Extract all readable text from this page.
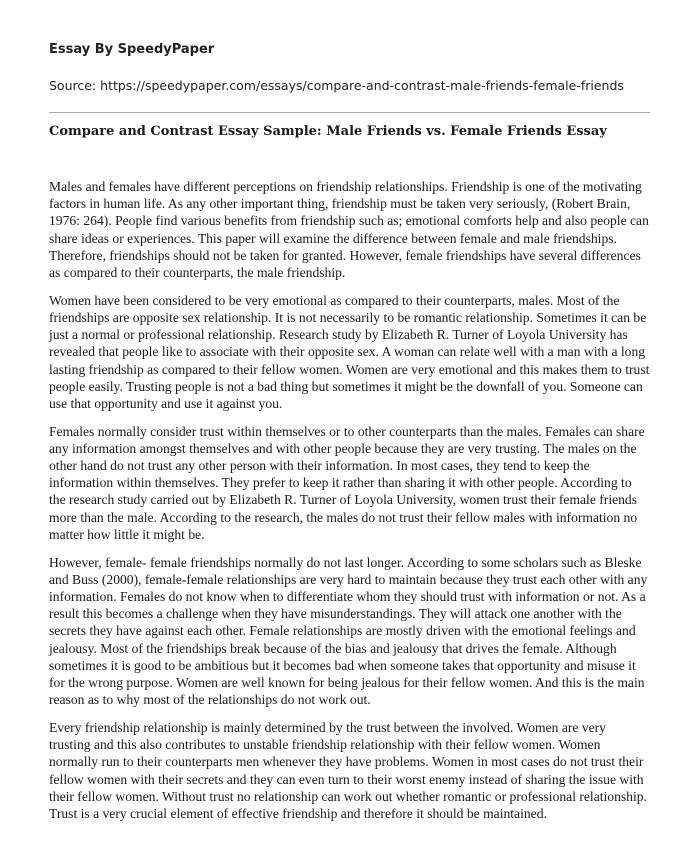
Essay By SpeedyPaper

Source: https://speedypaper.com/essays/compare-and-contrast-male-friends-female-friends

Compare and Contrast Essay Sample: Male Friends vs. Female Friends Essay

Males and females have different perceptions on friendship relationships. Friendship is one of the motivating factors in human life. As any other important thing, friendship must be taken very seriously, (Robert Brain, 1976: 264). People find various benefits from friendship such as; emotional comforts help and also people can share ideas or experiences. This paper will examine the difference between female and male friendships. Therefore, friendships should not be taken for granted. However, female friendships have several differences as compared to their counterparts, the male friendship.

Women have been considered to be very emotional as compared to their counterparts, males. Most of the friendships are opposite sex relationship. It is not necessarily to be romantic relationship. Sometimes it can be just a normal or professional relationship. Research study by Elizabeth R. Turner of Loyola University has revealed that people like to associate with their opposite sex. A woman can relate well with a man with a long lasting friendship as compared to their fellow women. Women are very emotional and this makes them to trust people easily. Trusting people is not a bad thing but sometimes it might be the downfall of you. Someone can use that opportunity and use it against you.

Females normally consider trust within themselves or to other counterparts than the males. Females can share any information amongst themselves and with other people because they are very trusting. The males on the other hand do not trust any other person with their information. In most cases, they tend to keep the information within themselves. They prefer to keep it rather than sharing it with other people. According to the research study carried out by Elizabeth R. Turner of Loyola University, women trust their female friends more than the male. According to the research, the males do not trust their fellow males with information no matter how little it might be.

However, female- female friendships normally do not last longer. According to some scholars such as Bleske and Buss (2000), female-female relationships are very hard to maintain because they trust each other with any information. Females do not know when to differentiate whom they should trust with information or not. As a result this becomes a challenge when they have misunderstandings. They will attack one another with the secrets they have against each other. Female relationships are mostly driven with the emotional feelings and jealousy. Most of the friendships break because of the bias and jealousy that drives the female. Although sometimes it is good to be ambitious but it becomes bad when someone takes that opportunity and misuse it for the wrong purpose. Women are well known for being jealous for their fellow women. And this is the main reason as to why most of the relationships do not work out.

Every friendship relationship is mainly determined by the trust between the involved. Women are very trusting and this also contributes to unstable friendship relationship with their fellow women. Women normally run to their counterparts men whenever they have problems. Women in most cases do not trust their fellow women with their secrets and they can even turn to their worst enemy instead of sharing the issue with their fellow women. Without trust no relationship can work out whether romantic or professional relationship. Trust is a very crucial element of effective friendship and therefore it should be maintained.
